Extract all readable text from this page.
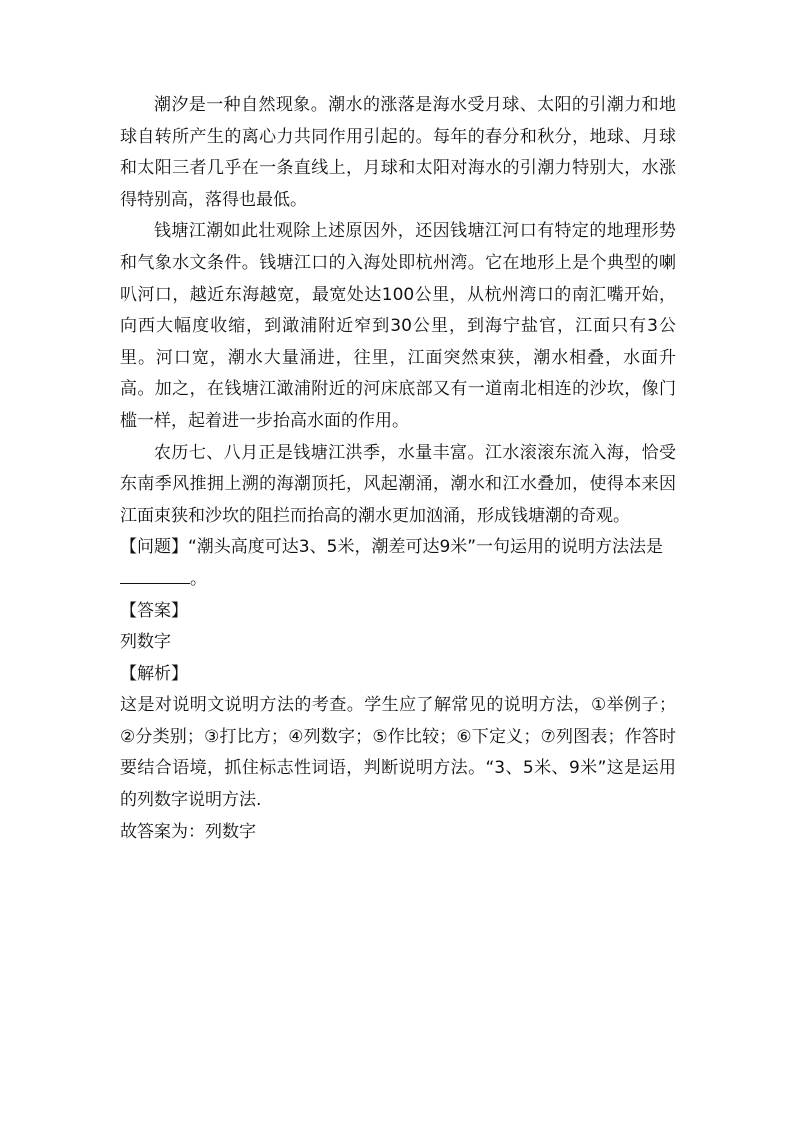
潮汐是一种自然现象。潮水的涨落是海水受月球、太阳的引潮力和地球自转所产生的离心力共同作用引起的。每年的春分和秋分，地球、月球和太阳三者几乎在一条直线上，月球和太阳对海水的引潮力特别大，水涨得特别高，落得也最低。

钱塘江潮如此壮观除上述原因外，还因钱塘江河口有特定的地理形势和气象水文条件。钱塘江口的入海处即杭州湾。它在地形上是个典型的喇叭河口，越近东海越宽，最宽处达100公里，从杭州湾口的南汇嘴开始，向西大幅度收缩，到澉浦附近窄到30公里，到海宁盐官，江面只有3公里。河口宽，潮水大量涌进，往里，江面突然束狭，潮水相叠，水面升高。加之，在钱塘江澉浦附近的河床底部又有一道南北相连的沙坎，像门槛一样，起着进一步抬高水面的作用。

农历七、八月正是钱塘江洪季，水量丰富。江水滚滚东流入海，恰受东南季风推拥上溯的海潮顶托，风起潮涌，潮水和江水叠加，使得本来因江面束狭和沙坎的阻拦而抬高的潮水更加汹涌，形成钱塘潮的奇观。

【问题】“潮头高度可达3、5米，潮差可达9米”一句运用的说明方法法是。

【答案】

列数字

【解析】

这是对说明文说明方法的考查。学生应了解常见的说明方法，①举例子；②分类别；③打比方；④列数字；⑤作比较；⑥下定义；⑦列图表；作答时要结合语境，抓住标志性词语，判断说明方法。“3、5米、9米”这是运用的列数字说明方法.

故答案为：列数字
